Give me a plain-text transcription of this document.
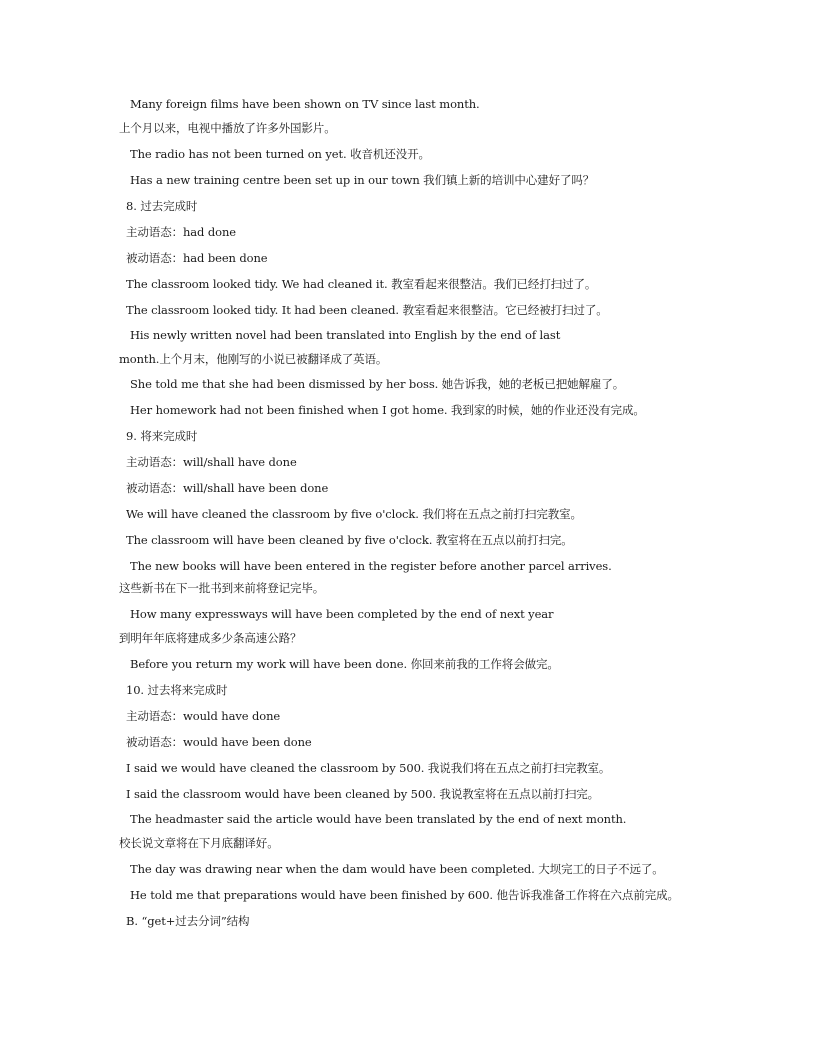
Many foreign films have been shown on TV since last month.
上个月以来，电视中播放了许多外国影片。
The radio has not been turned on yet. 收音机还没开。
Has a new training centre been set up in our town 我们镇上新的培训中心建好了吗？
8. 过去完成时
主动语态：had done
被动语态：had been done
The classroom looked tidy. We had cleaned it. 教室看起来很整洁。我们已经打扫过了。
The classroom looked tidy. It had been cleaned. 教室看起来很整洁。它已经被打扫过了。
His newly written novel had been translated into English by the end of last
month.上个月末，他刚写的小说已被翻译成了英语。
She told me that she had been dismissed by her boss. 她告诉我，她的老板已把她解雇了。
Her homework had not been finished when I got home. 我到家的时候，她的作业还没有完成。
9. 将来完成时
主动语态：will/shall have done
被动语态：will/shall have been done
We will have cleaned the classroom by five o'clock. 我们将在五点之前打扫完教室。
The classroom will have been cleaned by five o'clock. 教室将在五点以前打扫完。
The new books will have been entered in the register before another parcel arrives.
这些新书在下一批书到来前将登记完毕。
How many expressways will have been completed by the end of next year
到明年年底将建成多少条高速公路？
Before you return my work will have been done. 你回来前我的工作将会做完。
10. 过去将来完成时
主动语态：would have done
被动语态：would have been done
I said we would have cleaned the classroom by 500. 我说我们将在五点之前打扫完教室。
I said the classroom would have been cleaned by 500. 我说教室将在五点以前打扫完。
The headmaster said the article would have been translated by the end of next month.
校长说文章将在下月底翻译好。
The day was drawing near when the dam would have been completed. 大坝完工的日子不远了。
He told me that preparations would have been finished by 600. 他告诉我准备工作将在六点前完成。
B. “get+过去分词”结构
